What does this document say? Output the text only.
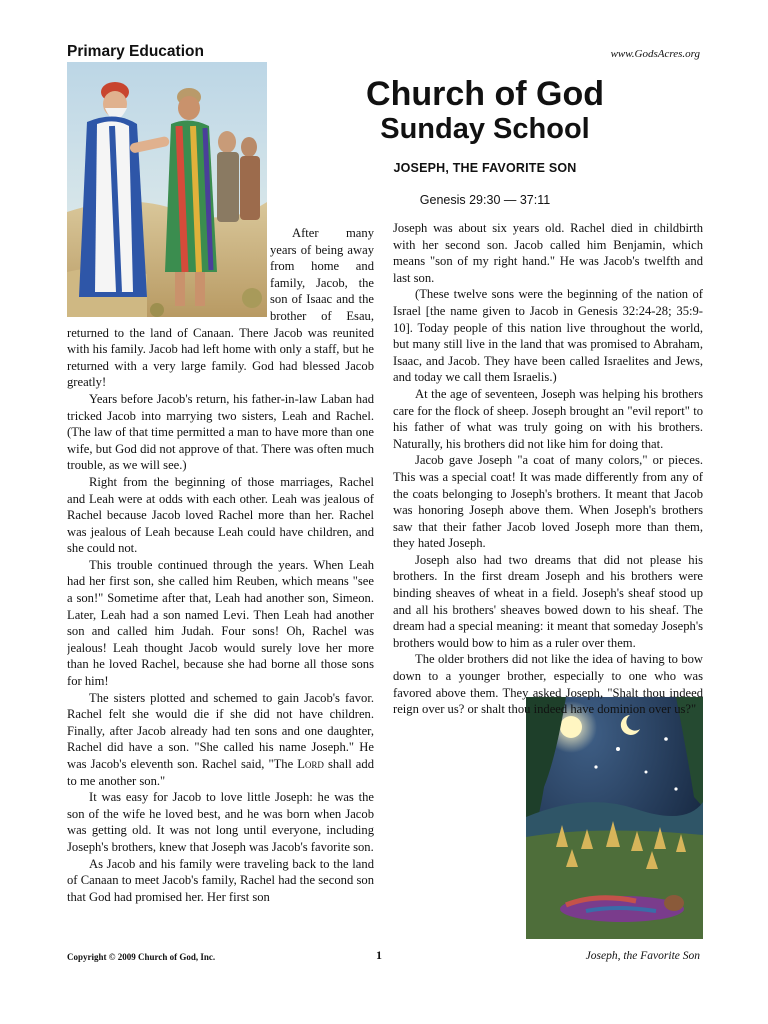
Primary Education	www.GodsAcres.org
Church of God
Sunday School
JOSEPH, THE FAVORITE SON
Genesis 29:30 — 37:11

After many years of being away from home and family, Jacob, the son of Isaac and the brother of Esau, returned to the land of Canaan. There Jacob was reunited with his family. Jacob had left home with only a staff, but he returned with a very large family. God had blessed Jacob greatly!

Years before Jacob's return, his father-in-law Laban had tricked Jacob into marrying two sisters, Leah and Rachel. (The law of that time permitted a man to have more than one wife, but God did not approve of that. There was often much trouble, as we will see.)

Right from the beginning of those marriages, Rachel and Leah were at odds with each other. Leah was jealous of Rachel because Jacob loved Rachel more than her. Rachel was jealous of Leah because Leah could have children, and she could not.

This trouble continued through the years. When Leah had her first son, she called him Reuben, which means "see a son!" Sometime after that, Leah had another son, Simeon. Later, Leah had a son named Levi. Then Leah had another son and called him Judah. Four sons! Oh, Rachel was jealous! Leah thought Jacob would surely love her more than he loved Rachel, because she had borne all those sons for him!

The sisters plotted and schemed to gain Jacob's favor. Rachel felt she would die if she did not have children. Finally, after Jacob already had ten sons and one daughter, Rachel did have a son. "She called his name Joseph." He was Jacob's eleventh son. Rachel said, "The Lord shall add to me another son."

It was easy for Jacob to love little Joseph: he was the son of the wife he loved best, and he was born when Jacob was getting old. It was not long until everyone, including Joseph's brothers, knew that Joseph was Jacob's favorite son.

As Jacob and his family were traveling back to the land of Canaan to meet Jacob's family, Rachel had the second son that God had promised her. Her first son

Joseph was about six years old. Rachel died in childbirth with her second son. Jacob called him Benjamin, which means "son of my right hand." He was Jacob's twelfth and last son.

(These twelve sons were the beginning of the nation of Israel [the name given to Jacob in Genesis 32:24-28; 35:9-10]. Today people of this nation live throughout the world, but many still live in the land that was promised to Abraham, Isaac, and Jacob. They have been called Israelites and Jews, and today we call them Israelis.)

At the age of seventeen, Joseph was helping his brothers care for the flock of sheep. Joseph brought an "evil report" to his father of what was truly going on with his brothers. Naturally, his brothers did not like him for doing that.

Jacob gave Joseph "a coat of many colors," or pieces. This was a special coat! It was made differently from any of the coats belonging to Joseph's brothers. It meant that Jacob was honoring Joseph above them. When Joseph's brothers saw that their father Jacob loved Joseph more than them, they hated Joseph.

Joseph also had two dreams that did not please his brothers. In the first dream Joseph and his brothers were binding sheaves of wheat in a field. Joseph's sheaf stood up and all his brothers' sheaves bowed down to his sheaf. The dream had a special meaning: it meant that someday Joseph's brothers would bow to him as a ruler over them.

The older brothers did not like the idea of having to bow down to a younger brother, especially to one who was favored above them. They asked Joseph, "Shalt thou indeed reign over us? or shalt thou indeed have dominion over us?"

Copyright © 2009 Church of God, Inc.	1	Joseph, the Favorite Son
